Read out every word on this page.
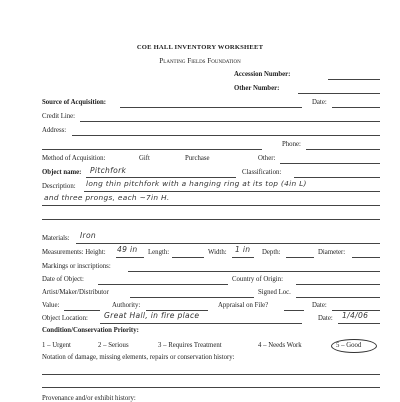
COE HALL INVENTORY WORKSHEET
Planting Fields Foundation
Accession Number:
Other Number:
Source of Acquisition:	Date:
Credit Line:
Address:
Phone:
Method of Acquisition:	Gift	Purchase	Other:
Object name: Pitchfork	Classification:
Description: long thin pitchfork with a hanging ring at its top (4in L)
and three prongs, each ~7in H.
Materials: Iron
Measurements: Height: 49 in Length:	Width: 1 in Depth:	Diameter:
Markings or inscriptions:
Date of Object:	Country of Origin:
Artist/Maker/Distributor	Signed Loc.
Value:	Authority:	Appraisal on File?	Date:
Object Location: Great Hall, in fire place	Date: 1/4/06
Condition/Conservation Priority:
1 – Urgent	2 – Serious	3 – Requires Treatment	4 – Needs Work	5 – Good
Notation of damage, missing elements, repairs or conservation history:
Provenance and/or exhibit history:
